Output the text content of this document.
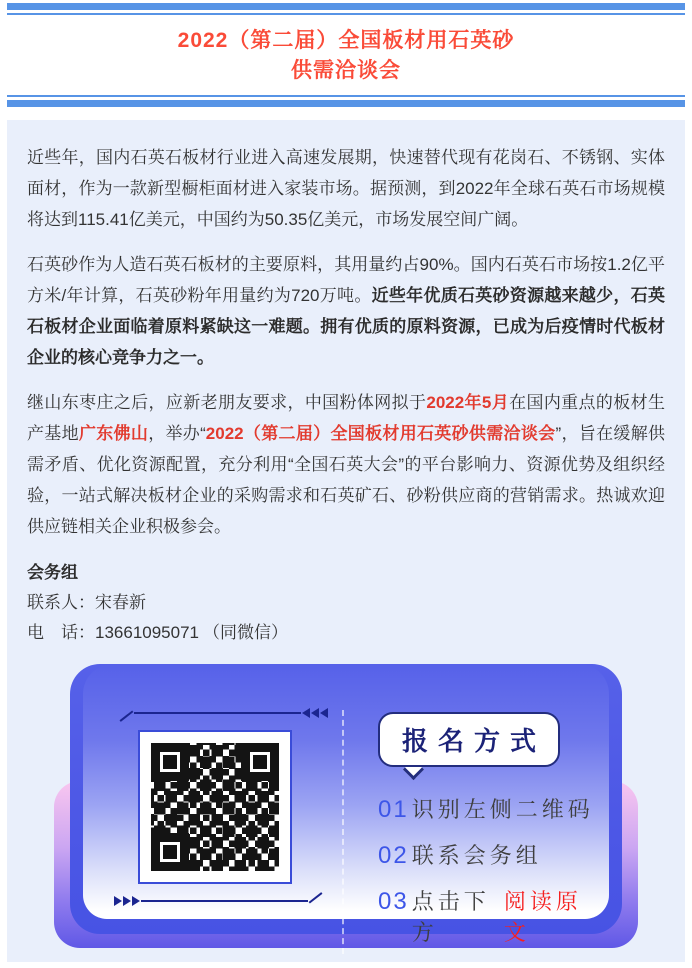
2022（第二届）全国板材用石英砂
供需洽谈会

近些年，国内石英石板材行业进入高速发展期，快速替代现有花岗石、不锈钢、实体面材，作为一款新型橱柜面材进入家装市场。据预测，到2022年全球石英石市场规模将达到115.41亿美元，中国约为50.35亿美元，市场发展空间广阔。

石英砂作为人造石英石板材的主要原料，其用量约占90%。国内石英石市场按1.2亿平方米/年计算，石英砂粉年用量约为720万吨。近些年优质石英砂资源越来越少，石英石板材企业面临着原料紧缺这一难题。拥有优质的原料资源，已成为后疫情时代板材企业的核心竞争力之一。

继山东枣庄之后，应新老朋友要求，中国粉体网拟于2022年5月在国内重点的板材生产基地广东佛山，举办“2022（第二届）全国板材用石英砂供需洽谈会”，旨在缓解供需矛盾、优化资源配置，充分利用“全国石英大会”的平台影响力、资源优势及组织经验，一站式解决板材企业的采购需求和石英矿石、砂粉供应商的营销需求。热诚欢迎供应链相关企业积极参会。

会务组
联系人：宋春新
电　话：13661095071 （同微信）
报名方式
01 识别左侧二维码
02 联系会务组
03 点击下方
阅读原文
